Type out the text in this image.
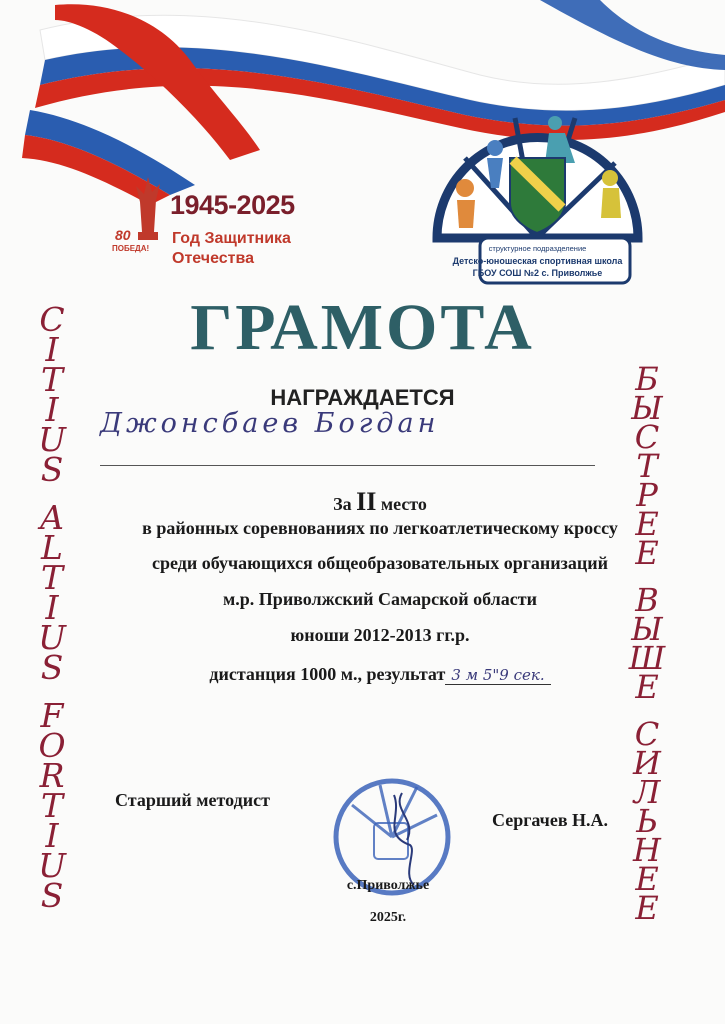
80
ПОБЕДА!
1945-2025
Год Защитника
Отечества
структурное подразделение
Детско-юношеская спортивная школа
ГБОУ СОШ №2 с. Приволжье
C
I
T
I
U
S
A
L
T
I
U
S
F
O
R
T
I
U
S
Б
Ы
С
Т
Р
Е
Е
В
Ы
Ш
Е
С
И
Л
Ь
Н
Е
Е
ГРАМОТА
НАГРАЖДАЕТСЯ
Джонсбаев Богдан
За II место
в районных соревнованиях по легкоатлетическому кроссу
среди обучающихся общеобразовательных организаций
м.р. Приволжский Самарской области
юноши 2012-2013 гг.р.
дистанция 1000 м., результат 3 м 5"9 сек.
Старший методист
Сергачев Н.А.
с.Приволжье
2025г.
